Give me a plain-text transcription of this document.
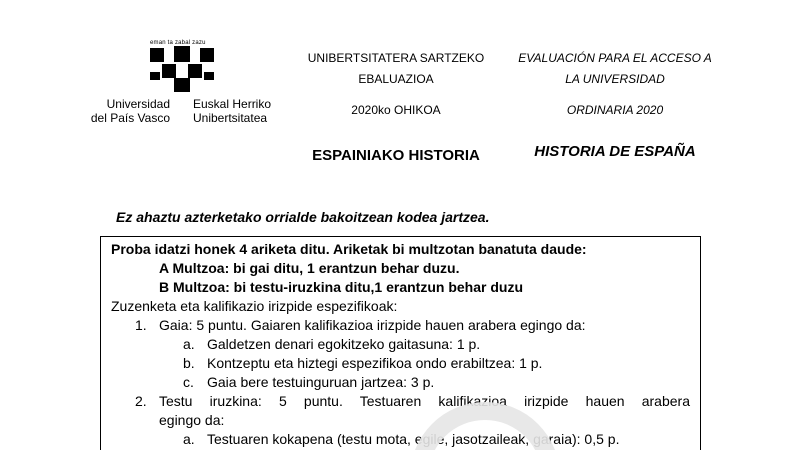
eman ta zabal zazu
Universidad
del País Vasco
Euskal Herriko
Unibertsitatea
UNIBERTSITATERA SARTZEKO
EBALUAZIOA
2020ko OHIKOA
ESPAINIAKO HISTORIA
EVALUACIÓN PARA EL ACCESO A
LA UNIVERSIDAD
ORDINARIA 2020
HISTORIA DE ESPAÑA
Ez ahaztu azterketako orrialde bakoitzean kodea jartzea.
Proba idatzi honek 4 ariketa ditu. Ariketak bi multzotan banatuta daude:
A Multzoa: bi gai ditu, 1 erantzun behar duzu.
B Multzoa: bi testu-iruzkina ditu,1 erantzun behar duzu
Zuzenketa eta kalifikazio irizpide espezifikoak:
1. Gaia: 5 puntu. Gaiaren kalifikazioa irizpide hauen arabera egingo da:
a. Galdetzen denari egokitzeko gaitasuna: 1 p.
b. Kontzeptu eta hiztegi espezifikoa ondo erabiltzea: 1 p.
c. Gaia bere testuinguruan jartzea: 3 p.
2. Testu iruzkina: 5 puntu. Testuaren kalifikazioa irizpide hauen arabera
egingo da:
a. Testuaren kokapena (testu mota, egile, jasotzaileak, garaia): 0,5 p.
